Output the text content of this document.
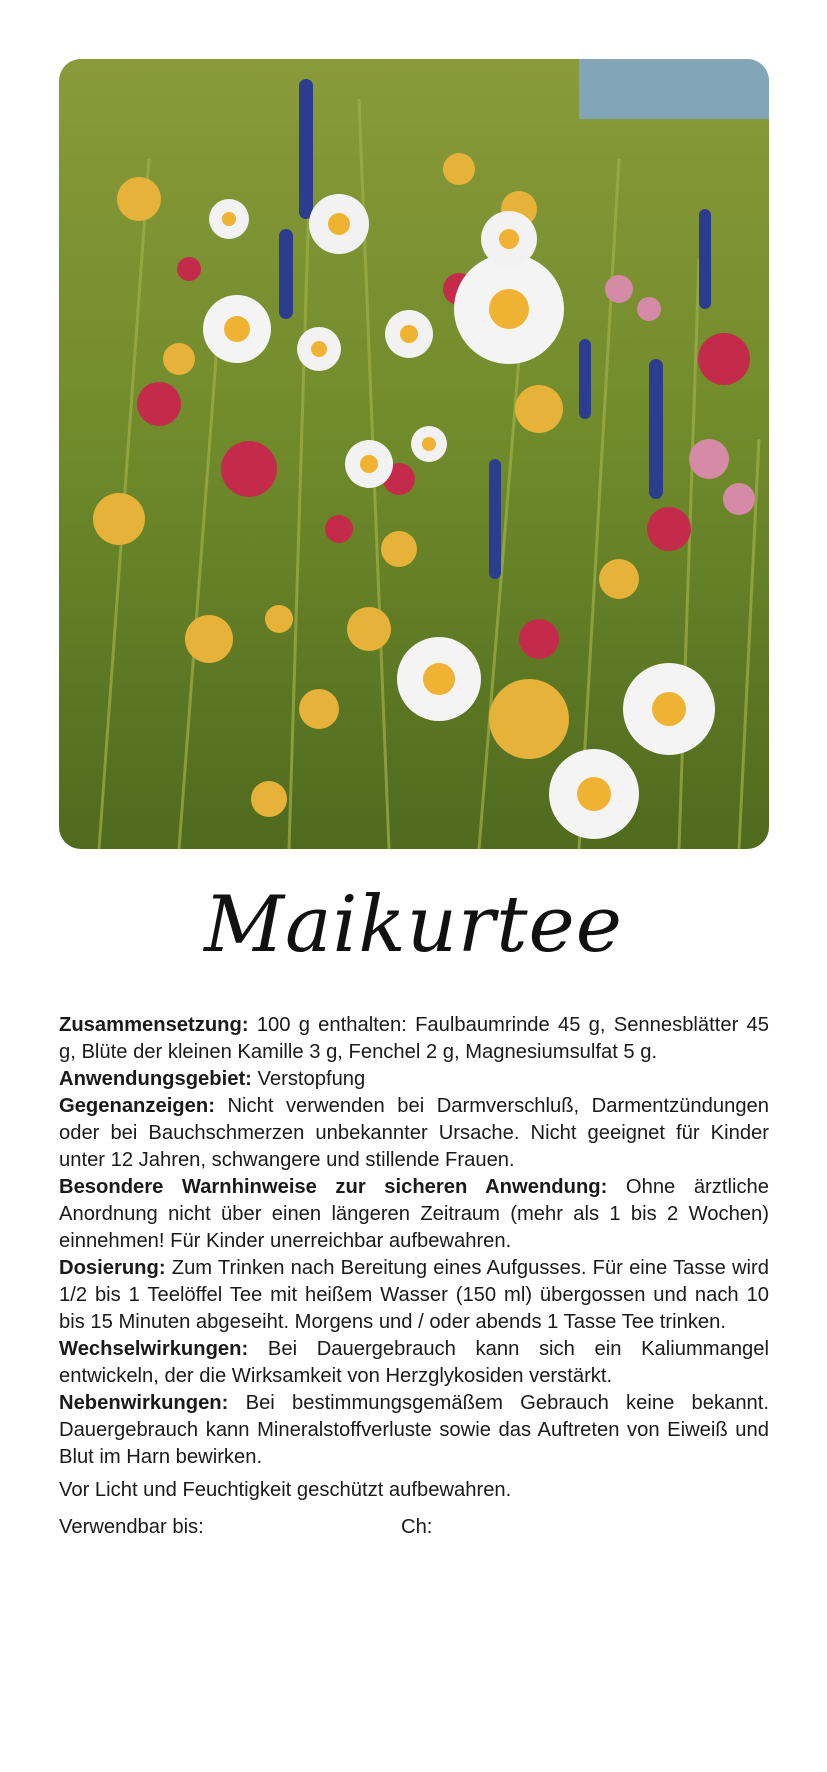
Maikurtee

Zusammensetzung: 100 g enthalten: Faulbaumrinde 45 g, Sennesblätter 45 g, Blüte der kleinen Kamille 3 g, Fenchel 2 g, Magnesiumsulfat 5 g.

Anwendungsgebiet: Verstopfung

Gegenanzeigen: Nicht verwenden bei Darmverschluß, Darmentzündungen oder bei Bauchschmerzen unbekannter Ursache. Nicht geeignet für Kinder unter 12 Jahren, schwangere und stillende Frauen.

Besondere Warnhinweise zur sicheren Anwendung: Ohne ärztliche Anordnung nicht über einen längeren Zeitraum (mehr als 1 bis 2 Wochen) einnehmen! Für Kinder unerreichbar aufbewahren.

Dosierung: Zum Trinken nach Bereitung eines Aufgusses. Für eine Tasse wird 1/2 bis 1 Teelöffel Tee mit heißem Wasser (150 ml) übergossen und nach 10 bis 15 Minuten abgeseiht. Morgens und / oder abends 1 Tasse Tee trinken.

Wechselwirkungen: Bei Dauergebrauch kann sich ein Kaliummangel entwickeln, der die Wirksamkeit von Herzglykosiden verstärkt.

Nebenwirkungen: Bei bestimmungsgemäßem Gebrauch keine bekannt. Dauergebrauch kann Mineralstoffverluste sowie das Auftreten von Eiweiß und Blut im Harn bewirken.

Vor Licht und Feuchtigkeit geschützt aufbewahren.

Verwendbar bis:	Ch:
